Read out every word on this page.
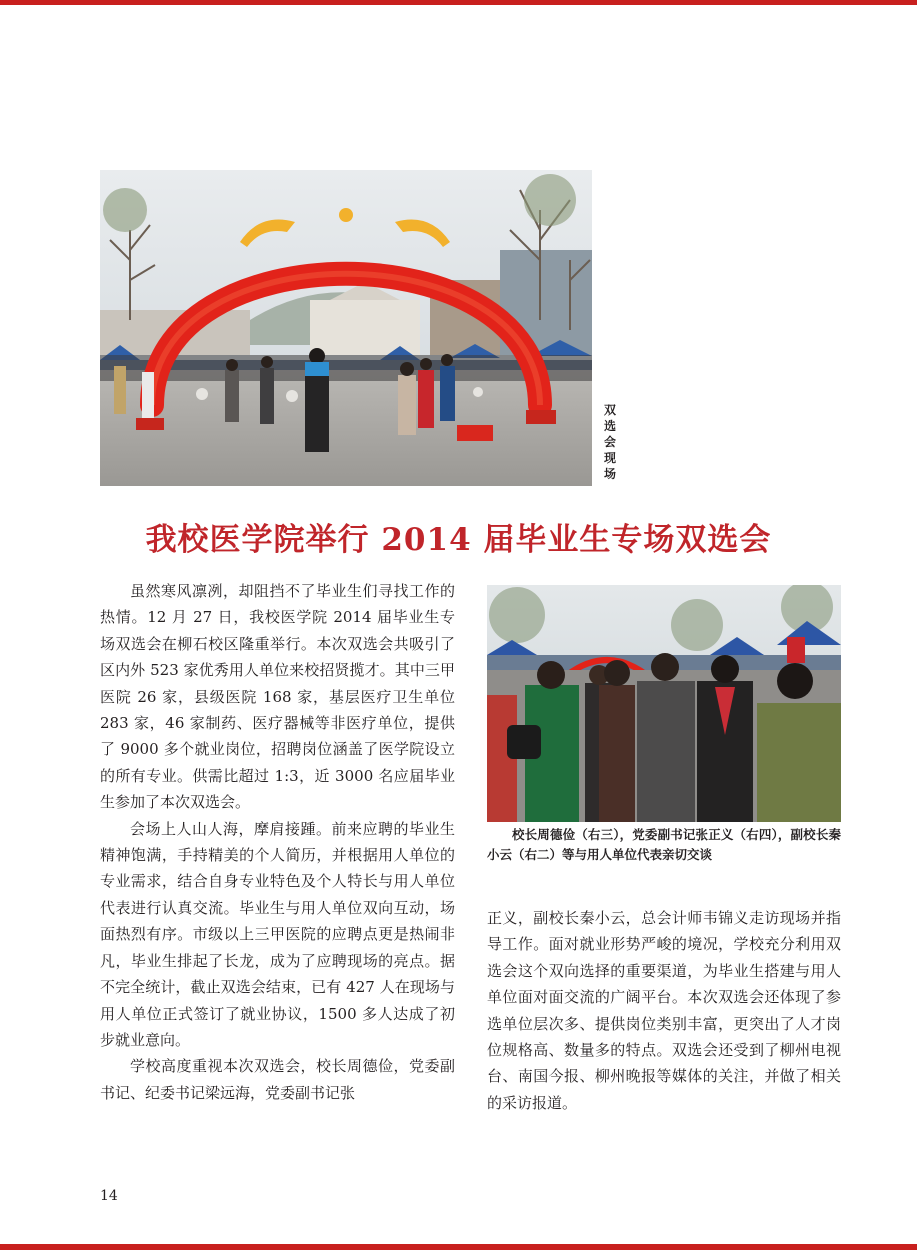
双选会现场
我校医学院举行 2014 届毕业生专场双选会

虽然寒风凛冽，却阻挡不了毕业生们寻找工作的热情。12 月 27 日，我校医学院 2014 届毕业生专场双选会在柳石校区隆重举行。本次双选会共吸引了区内外 523 家优秀用人单位来校招贤揽才。其中三甲医院 26 家，县级医院 168 家，基层医疗卫生单位 283 家，46 家制药、医疗器械等非医疗单位，提供了 9000 多个就业岗位，招聘岗位涵盖了医学院设立的所有专业。供需比超过 1:3，近 3000 名应届毕业生参加了本次双选会。

会场上人山人海，摩肩接踵。前来应聘的毕业生精神饱满，手持精美的个人简历，并根据用人单位的专业需求，结合自身专业特色及个人特长与用人单位代表进行认真交流。毕业生与用人单位双向互动，场面热烈有序。市级以上三甲医院的应聘点更是热闹非凡，毕业生排起了长龙，成为了应聘现场的亮点。据不完全统计，截止双选会结束，已有 427 人在现场与用人单位正式签订了就业协议，1500 多人达成了初步就业意向。

学校高度重视本次双选会，校长周德俭，党委副书记、纪委书记梁远海，党委副书记张

校长周德俭（右三），党委副书记张正义（右四），副校长秦小云（右二）等与用人单位代表亲切交谈

正义，副校长秦小云，总会计师韦锦义走访现场并指导工作。面对就业形势严峻的境况，学校充分利用双选会这个双向选择的重要渠道，为毕业生搭建与用人单位面对面交流的广阔平台。本次双选会还体现了参选单位层次多、提供岗位类别丰富，更突出了人才岗位规格高、数量多的特点。双选会还受到了柳州电视台、南国今报、柳州晚报等媒体的关注，并做了相关的采访报道。

14
